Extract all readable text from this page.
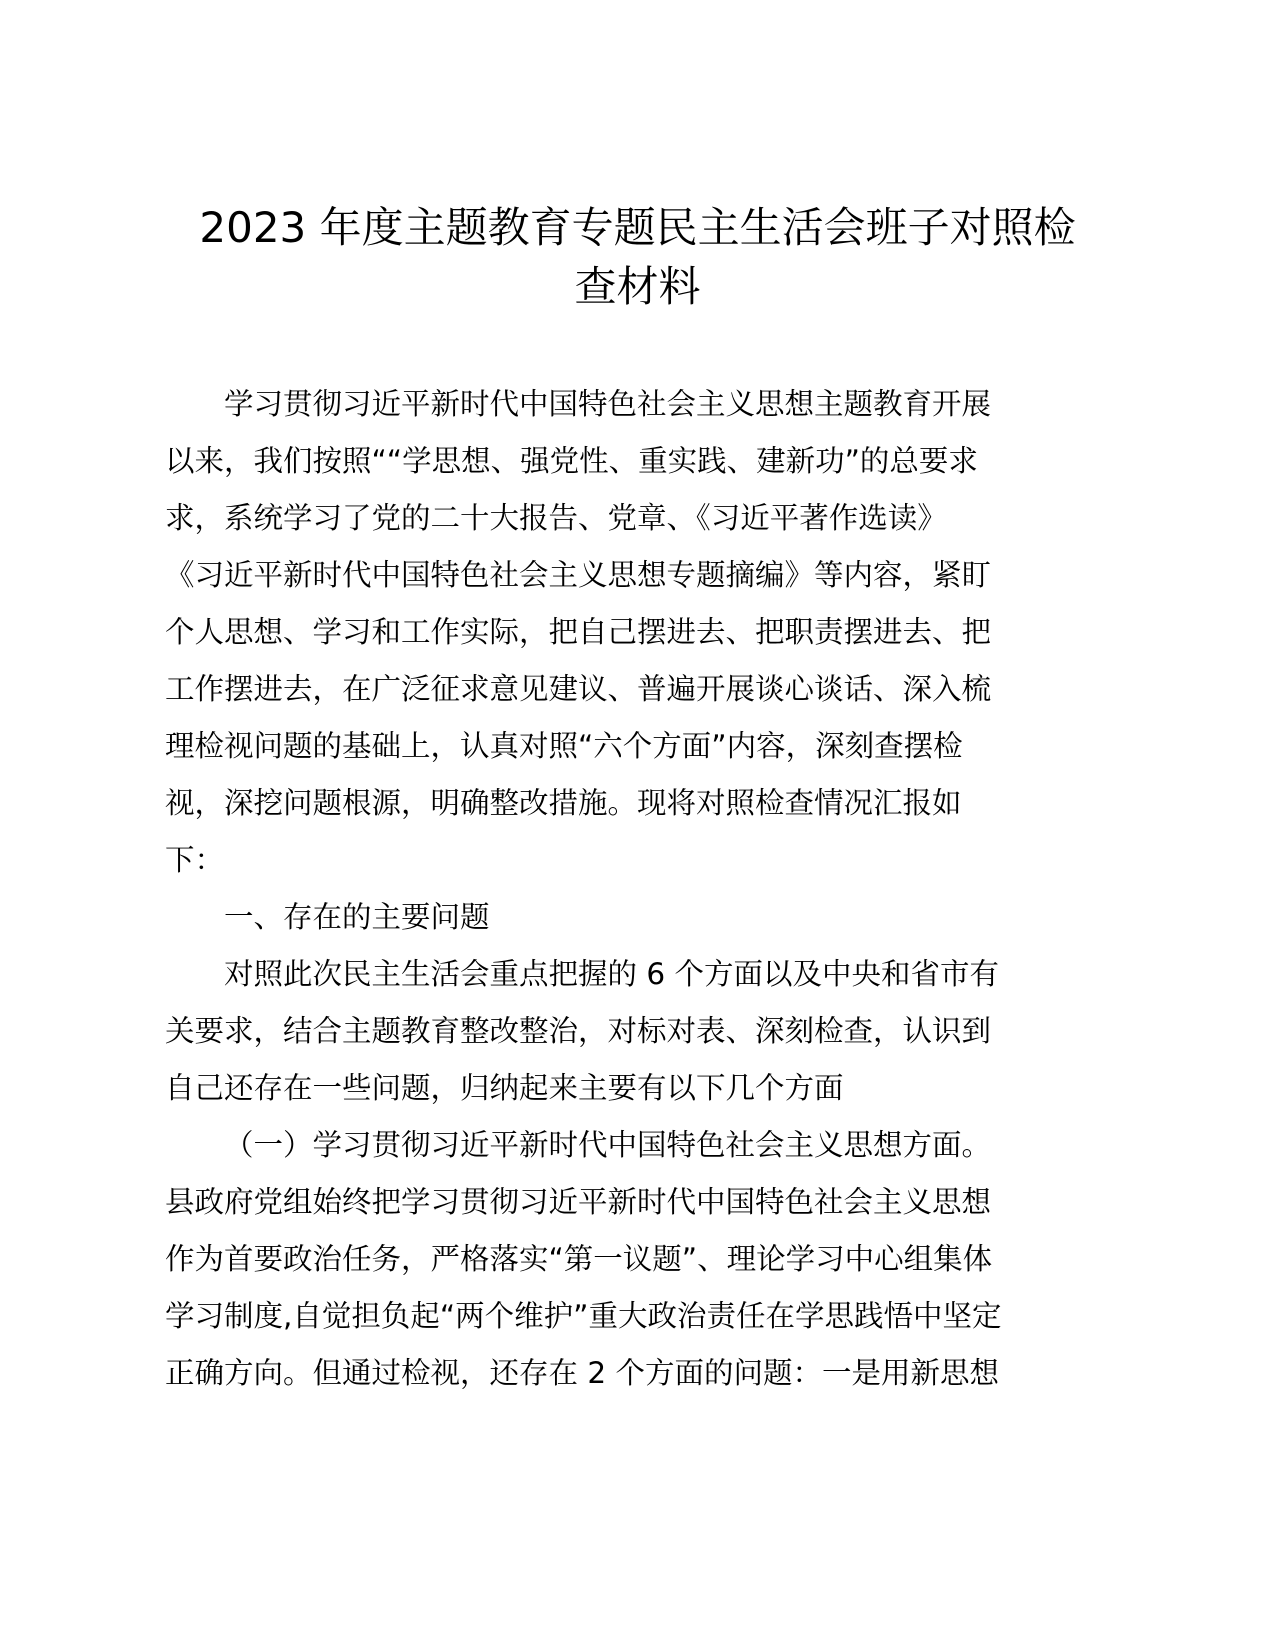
2023 年度主题教育专题民主生活会班子对照检
查材料
学习贯彻习近平新时代中国特色社会主义思想主题教育开展
以来，我们按照““学思想、强党性、重实践、建新功”的总要求
求，系统学习了党的二十大报告、党章、《习近平著作选读》
《习近平新时代中国特色社会主义思想专题摘编》等内容，紧盯
个人思想、学习和工作实际，把自己摆进去、把职责摆进去、把
工作摆进去，在广泛征求意见建议、普遍开展谈心谈话、深入梳
理检视问题的基础上，认真对照“六个方面”内容，深刻查摆检
视，深挖问题根源，明确整改措施。现将对照检查情况汇报如
下：
一、存在的主要问题
对照此次民主生活会重点把握的 6 个方面以及中央和省市有
关要求，结合主题教育整改整治，对标对表、深刻检查，认识到
自己还存在一些问题，归纳起来主要有以下几个方面
（一）学习贯彻习近平新时代中国特色社会主义思想方面。
县政府党组始终把学习贯彻习近平新时代中国特色社会主义思想
作为首要政治任务，严格落实“第一议题”、理论学习中心组集体
学习制度,自觉担负起“两个维护”重大政治责任在学思践悟中坚定
正确方向。但通过检视，还存在 2 个方面的问题：一是用新思想
